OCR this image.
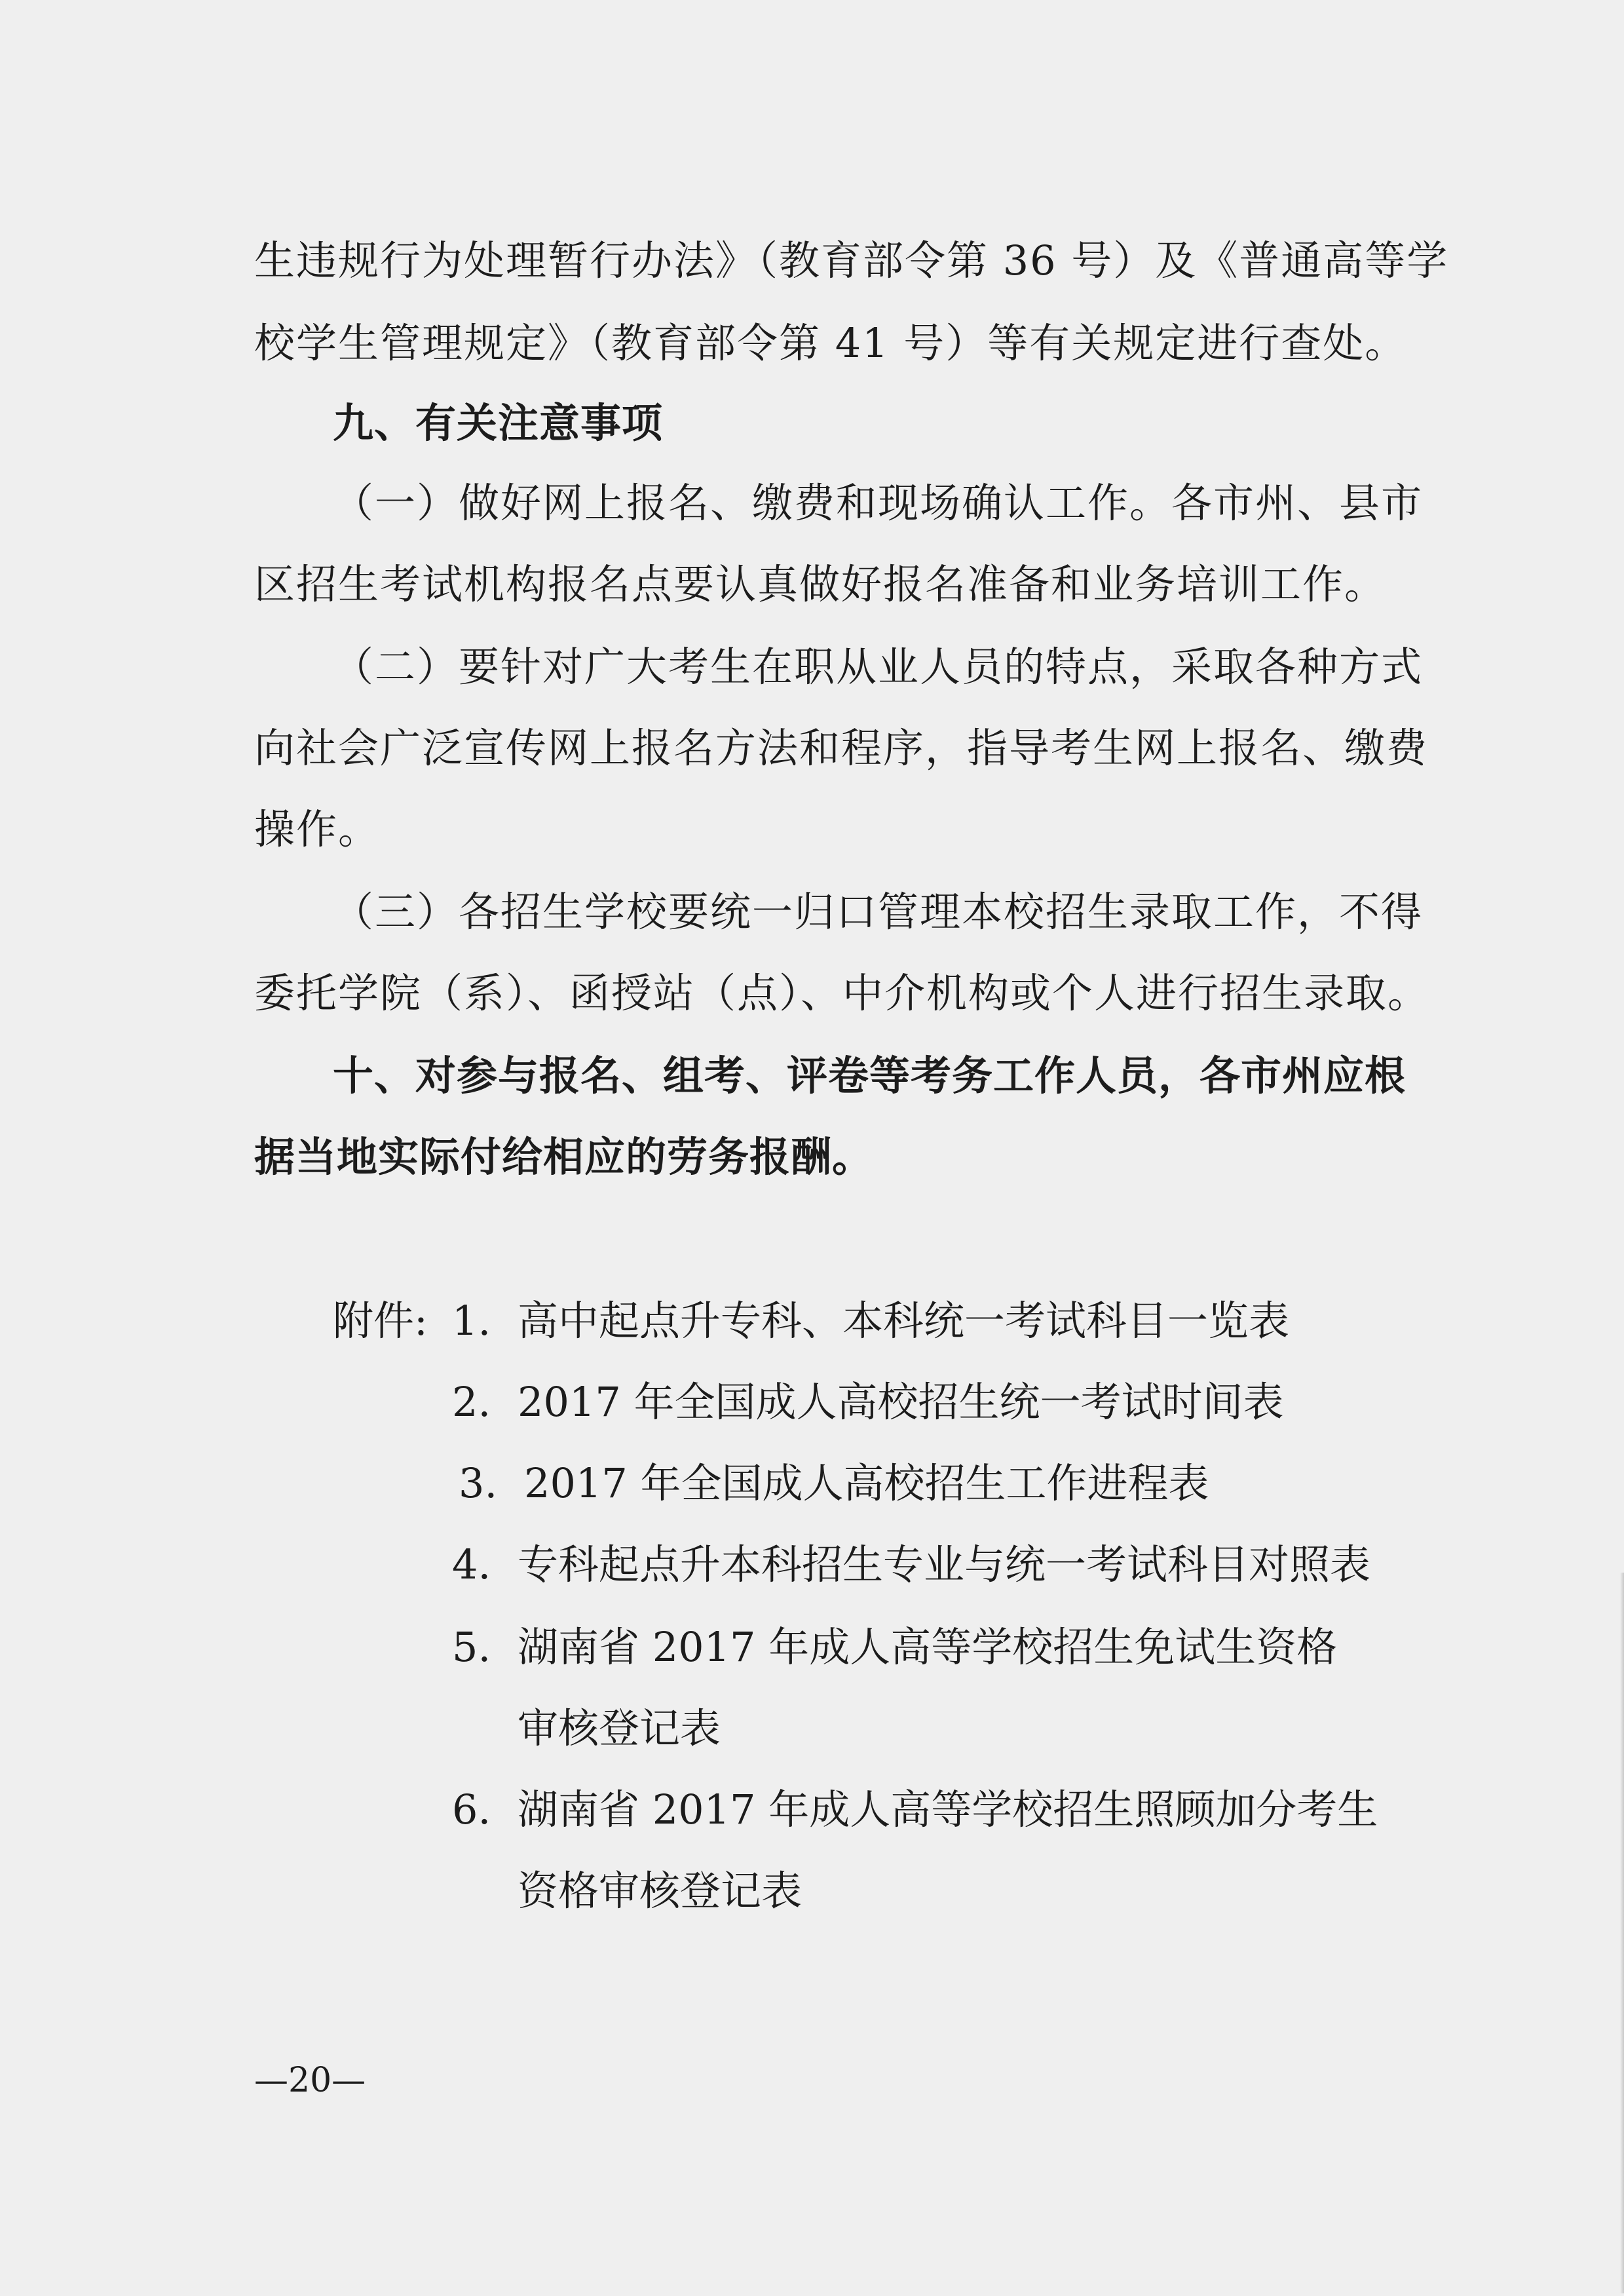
生违规行为处理暂行办法》（教育部令第 36 号）及《普通高等学
校学生管理规定》（教育部令第 41 号）等有关规定进行查处。
九、有关注意事项
（一）做好网上报名、缴费和现场确认工作。各市州、县市
区招生考试机构报名点要认真做好报名准备和业务培训工作。
（二）要针对广大考生在职从业人员的特点，采取各种方式
向社会广泛宣传网上报名方法和程序，指导考生网上报名、缴费
操作。
（三）各招生学校要统一归口管理本校招生录取工作，不得
委托学院（系）、函授站（点）、中介机构或个人进行招生录取。
十、对参与报名、组考、评卷等考务工作人员，各市州应根
据当地实际付给相应的劳务报酬。
附件: 1. 高中起点升专科、本科统一考试科目一览表
2. 2017 年全国成人高校招生统一考试时间表
3. 2017 年全国成人高校招生工作进程表
4. 专科起点升本科招生专业与统一考试科目对照表
5. 湖南省 2017 年成人高等学校招生免试生资格
审核登记表
6. 湖南省 2017 年成人高等学校招生照顾加分考生
资格审核登记表
—20—
